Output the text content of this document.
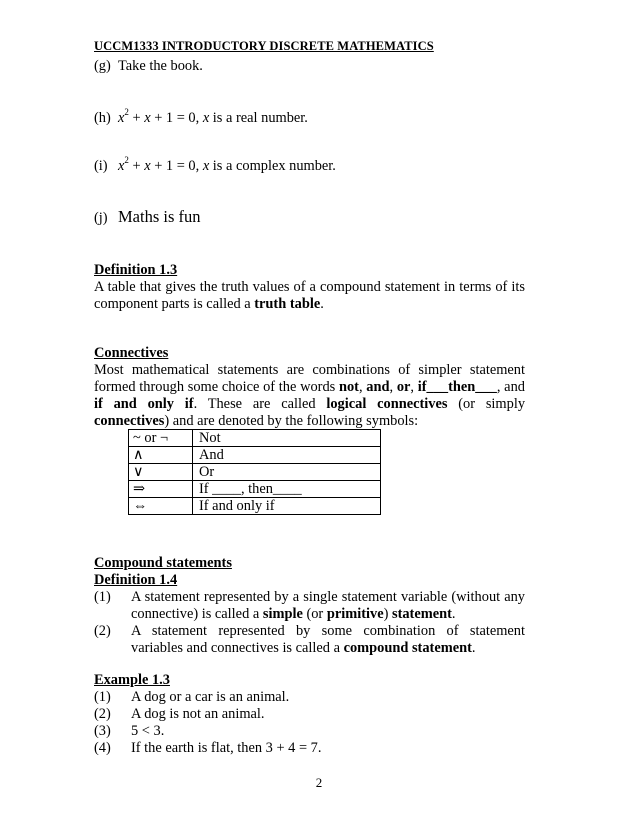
UCCM1333 INTRODUCTORY DISCRETE MATHEMATICS
(g) Take the book.
(h) $x^2 + x + 1 = 0$, x is a real number.
(i) $x^2 + x + 1 = 0$, x is a complex number.
(j) Maths is fun
Definition 1.3
A table that gives the truth values of a compound statement in terms of its component parts is called a truth table.
Connectives
Most mathematical statements are combinations of simpler statement formed through some choice of the words not, and, or, if___then___, and if and only if. These are called logical connectives (or simply connectives) and are denoted by the following symbols:
~ or ¬	Not
∧	And
∨	Or
⇒	If ____, then____
⇔	If and only if
Compound statements
Definition 1.4
(1)	A statement represented by a single statement variable (without any connective) is called a simple (or primitive) statement.
(2)	A statement represented by some combination of statement variables and connectives is called a compound statement.
Example 1.3
(1)	A dog or a car is an animal.
(2)	A dog is not an animal.
(3)	5 < 3.
(4)	If the earth is flat, then 3 + 4 = 7.
2
